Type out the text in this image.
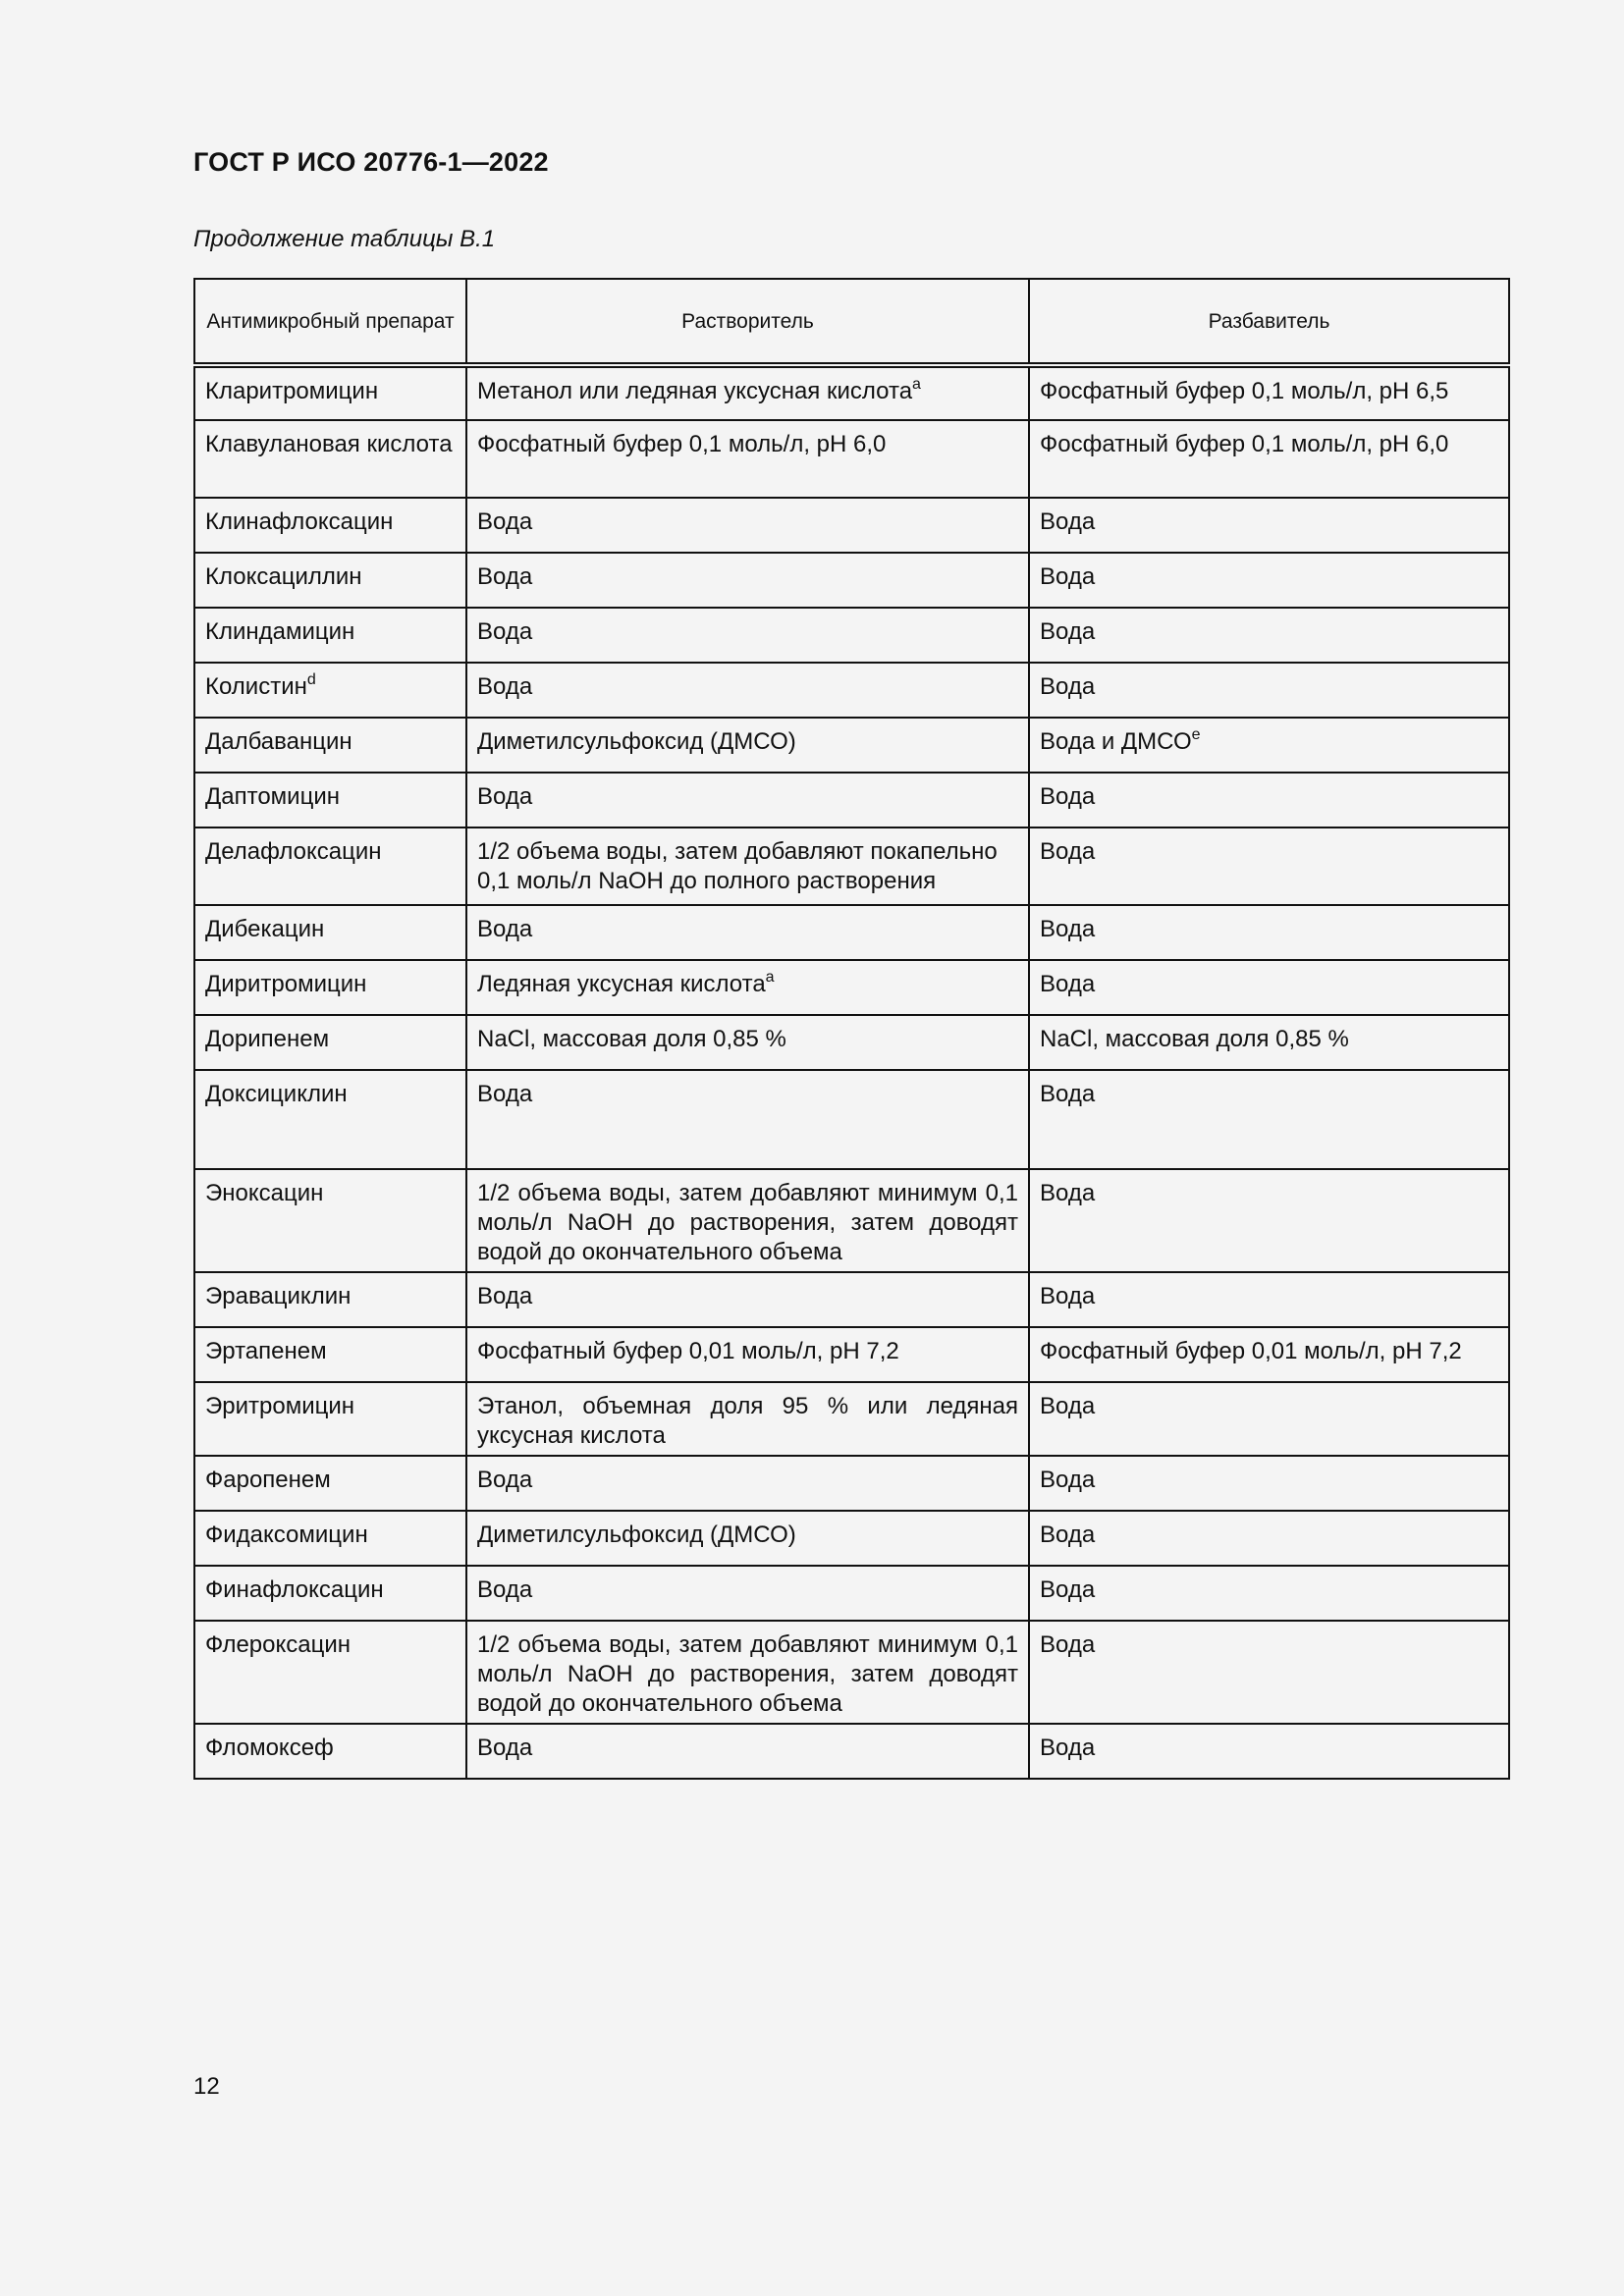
ГОСТ Р ИСО 20776-1—2022

Продолжение таблицы В.1

Антимикробный препарат	Растворитель	Разбавитель
Кларитромицин	Метанол или ледяная уксусная кислота$^a$	Фосфатный буфер 0,1 моль/л, pH 6,5
Клавулановая кислота	Фосфатный буфер 0,1 моль/л, pH 6,0	Фосфатный буфер 0,1 моль/л, pH 6,0
Клинафлоксацин	Вода	Вода
Клоксациллин	Вода	Вода
Клиндамицин	Вода	Вода
Колистин$^d$	Вода	Вода
Далбаванцин	Диметилсульфоксид (ДМСО)	Вода и ДМСО$^e$
Даптомицин	Вода	Вода
Делафлоксацин	1/2 объема воды, затем добавляют покапельно 0,1 моль/л NaOH до полного растворения	Вода
Дибекацин	Вода	Вода
Диритромицин	Ледяная уксусная кислота$^a$	Вода
Дорипенем	NaCl, массовая доля 0,85 %	NaCl, массовая доля 0,85 %
Доксициклин	Вода	Вода
Эноксацин	1/2 объема воды, затем добавляют минимум 0,1 моль/л NaOH до растворения, затем доводят водой до окончательного объема	Вода
Эравациклин	Вода	Вода
Эртапенем	Фосфатный буфер 0,01 моль/л, pH 7,2	Фосфатный буфер 0,01 моль/л, pH 7,2
Эритромицин	Этанол, объемная доля 95 % или ледяная уксусная кислота	Вода
Фаропенем	Вода	Вода
Фидаксомицин	Диметилсульфоксид (ДМСО)	Вода
Финафлоксацин	Вода	Вода
Флероксацин	1/2 объема воды, затем добавляют минимум 0,1 моль/л NaOH до растворения, затем доводят водой до окончательного объема	Вода
Фломоксеф	Вода	Вода

12
